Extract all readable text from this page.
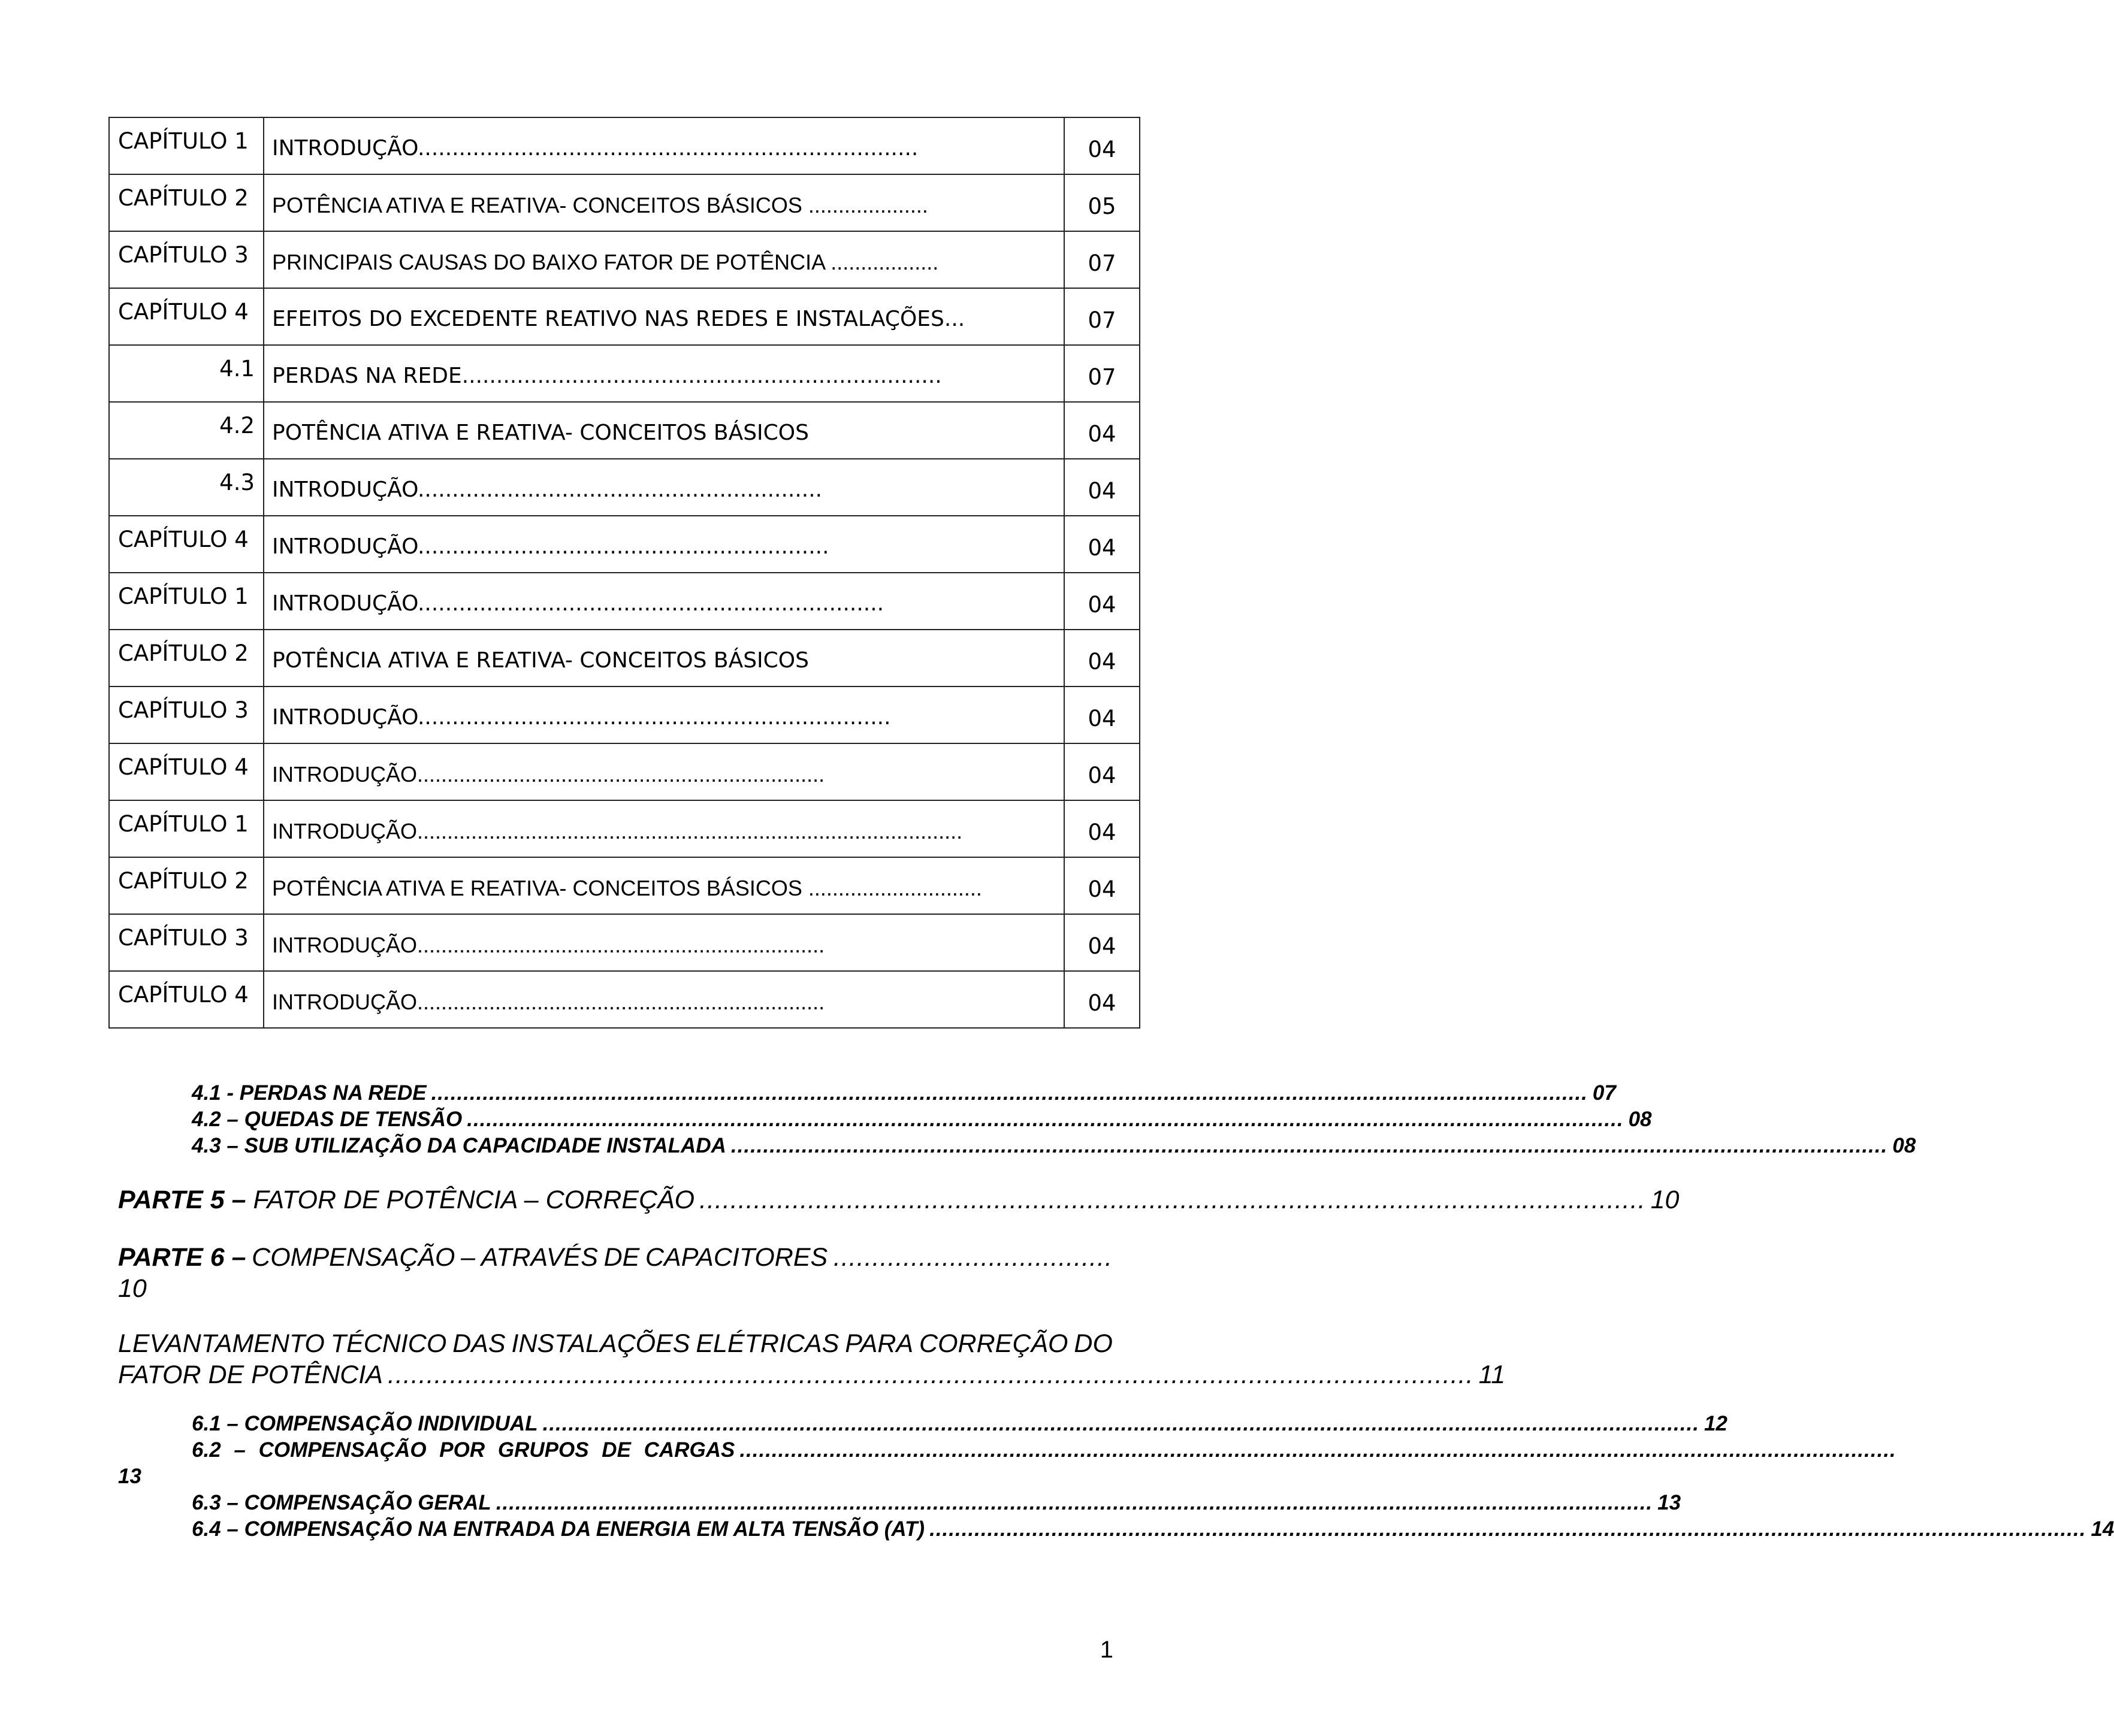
CAPÍTULO 1	INTRODUÇÃO.........................................................................	04

CAPÍTULO 2	POTÊNCIA ATIVA E REATIVA- CONCEITOS BÁSICOS ....................	05

CAPÍTULO 3	PRINCIPAIS CAUSAS DO BAIXO FATOR DE POTÊNCIA ..................	07

CAPÍTULO 4	EFEITOS DO EXCEDENTE REATIVO NAS REDES E INSTALAÇÕES...	07

4.1	PERDAS NA REDE......................................................................	07

4.2	POTÊNCIA ATIVA E REATIVA- CONCEITOS BÁSICOS	04

4.3	INTRODUÇÃO...........................................................	04

CAPÍTULO 4	INTRODUÇÃO............................................................	04

CAPÍTULO 1	INTRODUÇÃO....................................................................	04

CAPÍTULO 2	POTÊNCIA ATIVA E REATIVA- CONCEITOS BÁSICOS	04

CAPÍTULO 3	INTRODUÇÃO.....................................................................	04

CAPÍTULO 4	INTRODUÇÃO....................................................................	04

CAPÍTULO 1	INTRODUÇÃO...........................................................................................	04

CAPÍTULO 2	POTÊNCIA ATIVA E REATIVA- CONCEITOS BÁSICOS .............................	04

CAPÍTULO 3	INTRODUÇÃO....................................................................	04

CAPÍTULO 4	INTRODUÇÃO....................................................................	04
4.1 - PERDAS NA REDE .................................................................................................................................................................................... 07
4.2 – QUEDAS DE TENSÃO .................................................................................................................................................................................... 08
4.3 – SUB UTILIZAÇÃO DA CAPACIDADE INSTALADA .................................................................................................................................................................................... 08
PARTE 5 – FATOR DE POTÊNCIA – CORREÇÃO .......................................................................................................................... 10
PARTE 6 – COMPENSAÇÃO – ATRAVÉS DE CAPACITORES ....................................
10
LEVANTAMENTO TÉCNICO DAS INSTALAÇÕES ELÉTRICAS PARA CORREÇÃO DO
FATOR DE POTÊNCIA ............................................................................................................................................ 11
6.1 – COMPENSAÇÃO INDIVIDUAL .................................................................................................................................................................................... 12
6.2 – COMPENSAÇÃO POR GRUPOS DE CARGAS ....................................................................................................................................................................................
13
6.3 – COMPENSAÇÃO GERAL .................................................................................................................................................................................... 13
6.4 – COMPENSAÇÃO NA ENTRADA DA ENERGIA EM ALTA TENSÃO (AT) .................................................................................................................................................................................... 14
1
